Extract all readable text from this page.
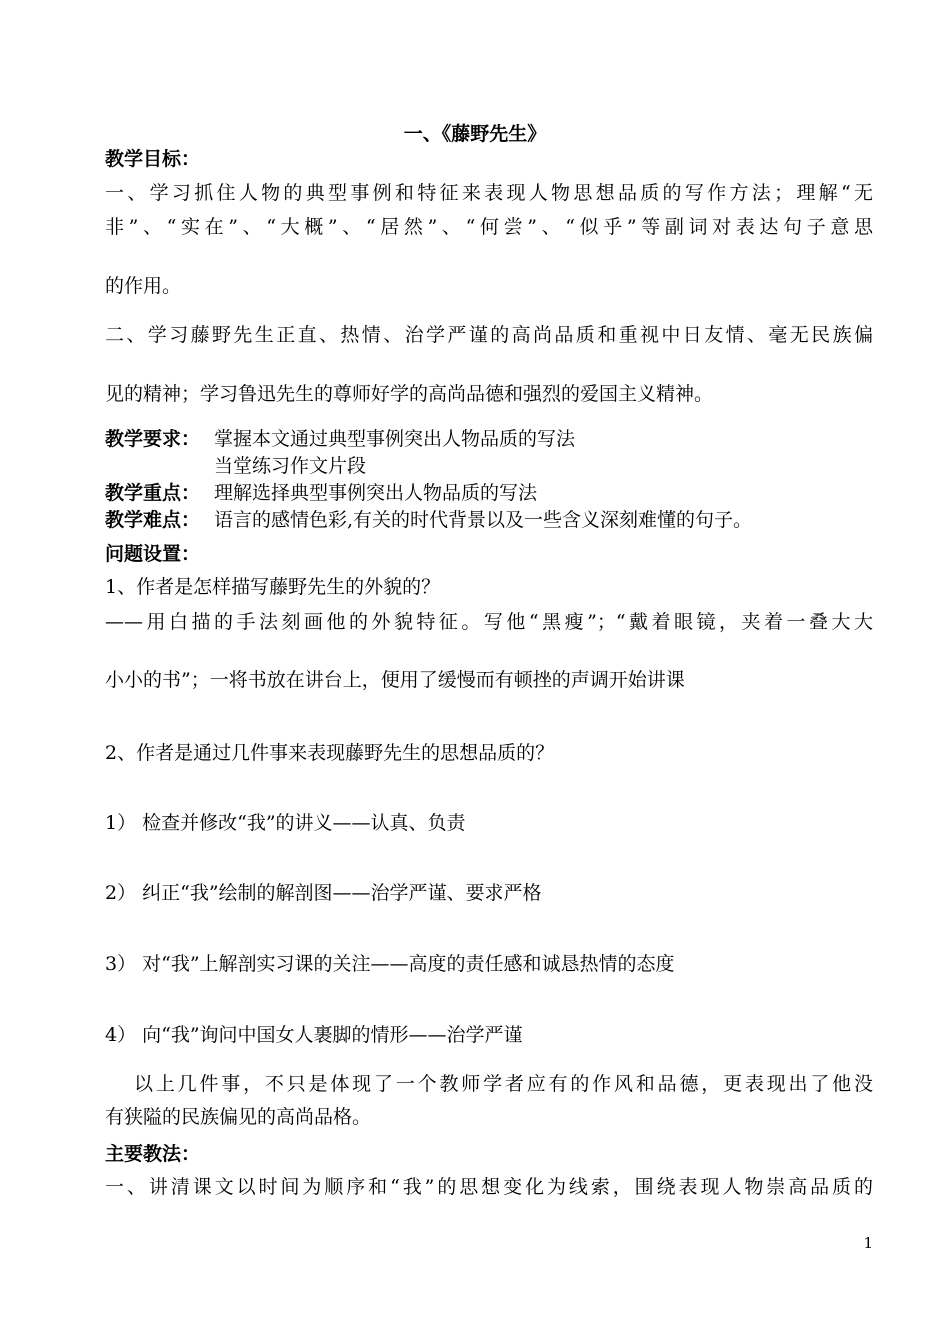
一、《藤野先生》
教学目标：
一、学习抓住人物的典型事例和特征来表现人物思想品质的写作方法；理解“无
非”、“实在”、“大概”、“居然”、“何尝”、“似乎”等副词对表达句子意思
的作用。
二、学习藤野先生正直、热情、治学严谨的高尚品质和重视中日友情、毫无民族偏
见的精神；学习鲁迅先生的尊师好学的高尚品德和强烈的爱国主义精神。
教学要求： 掌握本文通过典型事例突出人物品质的写法
当堂练习作文片段
教学重点： 理解选择典型事例突出人物品质的写法
教学难点： 语言的感情色彩,有关的时代背景以及一些含义深刻难懂的句子。
问题设置：
1、作者是怎样描写藤野先生的外貌的？
——用白描的手法刻画他的外貌特征。写他“黑瘦”；“戴着眼镜，夹着一叠大大
小小的书”；一将书放在讲台上，便用了缓慢而有顿挫的声调开始讲课
2、作者是通过几件事来表现藤野先生的思想品质的？
1） 检查并修改“我”的讲义——认真、负责
2） 纠正“我”绘制的解剖图——治学严谨、要求严格
3） 对“我”上解剖实习课的关注——高度的责任感和诚恳热情的态度
4） 向“我”询问中国女人裹脚的情形——治学严谨
以上几件事，不只是体现了一个教师学者应有的作风和品德，更表现出了他没
有狭隘的民族偏见的高尚品格。
主要教法：
一、讲清课文以时间为顺序和“我”的思想变化为线索，围绕表现人物崇高品质的
1
